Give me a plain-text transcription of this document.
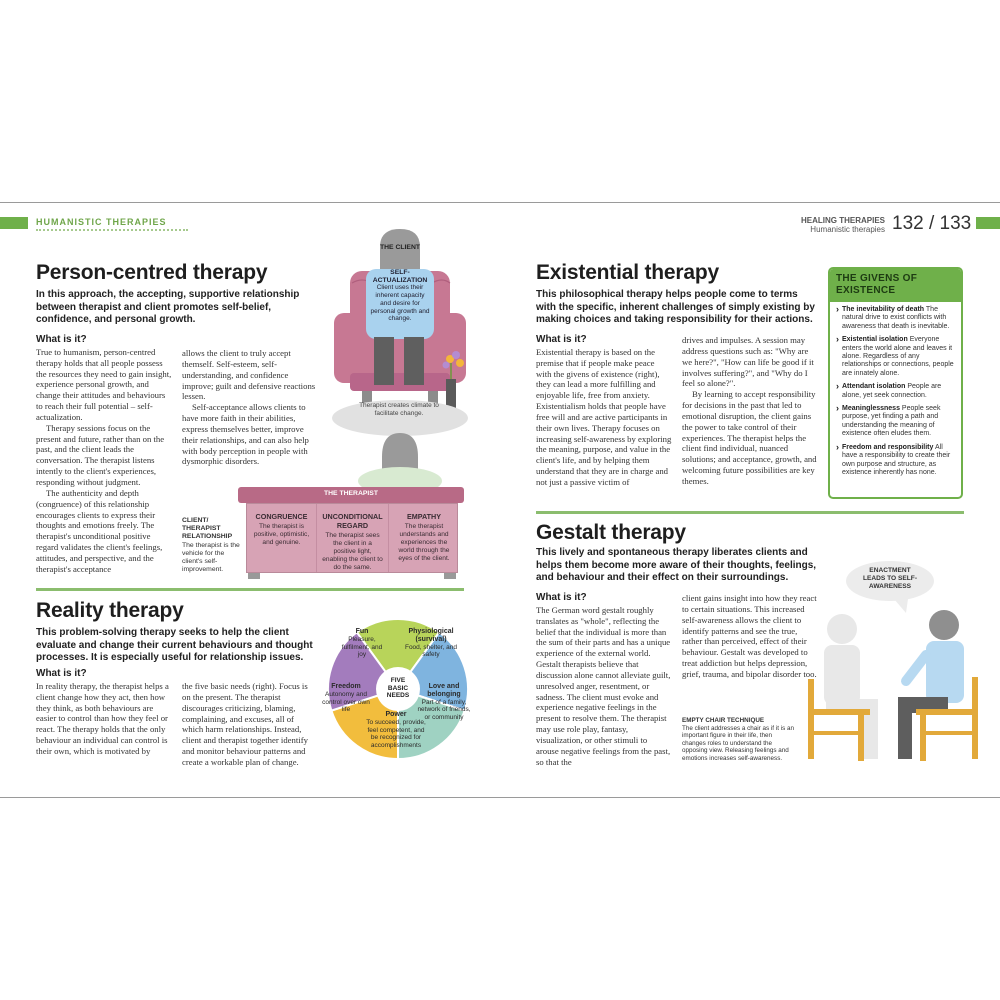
HUMANISTIC THERAPIES	HEALING THERAPIES
Humanistic therapies 132 / 133
Person-centred therapy
In this approach, the accepting, supportive relationship between therapist and client promotes self-belief, confidence, and personal growth.
What is it?

True to humanism, person-centred therapy holds that all people possess the resources they need to gain insight, experience personal growth, and change their attitudes and behaviours to reach their full potential – self-actualization.

Therapy sessions focus on the present and future, rather than on the past, and the client leads the conversation. The therapist listens intently to the client's experiences, responding without judgment.

The authenticity and depth (congruence) of this relationship encourages clients to express their thoughts and emotions freely. The therapist's unconditional positive regard validates the client's feelings, attitudes, and perspective, and the therapist's acceptance

allows the client to truly accept themself. Self-esteem, self-understanding, and confidence improve; guilt and defensive reactions lessen.

Self-acceptance allows clients to have more faith in their abilities, express themselves better, improve their relationships, and can also help with body perception in people with dysmorphic disorders.

THE CLIENT
SELF-ACTUALIZATION
Client uses their inherent capacity and desire for personal growth and change.
Therapist creates climate to facilitate change.
THE THERAPIST
CONGRUENCE
The therapist is positive, optimistic, and genuine.
UNCONDITIONAL REGARD
The therapist sees the client in a positive light, enabling the client to do the same.
EMPATHY
The therapist understands and experiences the world through the eyes of the client.
CLIENT/ THERAPIST RELATIONSHIP
The therapist is the vehicle for the client's self-improvement.
Reality therapy
This problem-solving therapy seeks to help the client evaluate and change their current behaviours and thought processes. It is especially useful for relationship issues.
What is it?

In reality therapy, the therapist helps a client change how they act, then how they think, as both behaviours are easier to control than how they feel or react. The therapy holds that the only behaviour an individual can control is their own, which is motivated by

the five basic needs (right). Focus is on the present. The therapist discourages criticizing, blaming, complaining, and excuses, all of which harm relationships. Instead, client and therapist together identify and monitor behaviour patterns and create a workable plan of change.

FIVE BASIC NEEDS
Fun
Pleasure, fulfilment, and joy
Physiological (survival)
Food, shelter, and safety
Love and belonging
Part of a family, network of friends, or community
Power
To succeed, provide, feel competent, and be recognized for accomplishments
Freedom
Autonomy and control over own life
Existential therapy
This philosophical therapy helps people come to terms with the specific, inherent challenges of simply existing by making choices and taking responsibility for their actions.
What is it?

Existential therapy is based on the premise that if people make peace with the givens of existence (right), they can lead a more fulfilling and enjoyable life, free from anxiety. Existentialism holds that people have free will and are active participants in their own lives. Therapy focuses on increasing self-awareness by exploring the meaning, purpose, and value in the client's life, and by helping them understand that they are in charge and not just a passive victim of

drives and impulses. A session may address questions such as: "Why are we here?", "How can life be good if it involves suffering?", and "Why do I feel so alone?".

By learning to accept responsibility for decisions in the past that led to emotional disruption, the client gains the power to take control of their experiences. The therapist helps the client find individual, nuanced solutions; and acceptance, growth, and welcoming future possibilities are key themes.

THE GIVENS OF EXISTENCE
› The inevitability of death The natural drive to exist conflicts with awareness that death is inevitable.
› Existential isolation Everyone enters the world alone and leaves it alone. Regardless of any relationships or connections, people are innately alone.
› Attendant isolation People are alone, yet seek connection.
› Meaninglessness People seek purpose, yet finding a path and understanding the meaning of existence often eludes them.
› Freedom and responsibility All have a responsibility to create their own purpose and structure, as existence inherently has none.
Gestalt therapy
This lively and spontaneous therapy liberates clients and helps them become more aware of their thoughts, feelings, and behaviour and their effect on their surroundings.
What is it?

The German word gestalt roughly translates as "whole", reflecting the belief that the individual is more than the sum of their parts and has a unique experience of the external world. Gestalt therapists believe that discussion alone cannot alleviate guilt, unresolved anger, resentment, or sadness. The client must evoke and experience negative feelings in the present to resolve them. The therapist may use role play, fantasy, visualization, or other stimuli to arouse negative feelings from the past, so that the

client gains insight into how they react to certain situations. This increased self-awareness allows the client to identify patterns and see the true, rather than perceived, effect of their behaviour. Gestalt was developed to treat addiction but helps depression, grief, trauma, and bipolar disorder too.

EMPTY CHAIR TECHNIQUE
The client addresses a chair as if it is an important figure in their life, then changes roles to understand the opposing view. Releasing feelings and emotions increases self-awareness.
ENACTMENT LEADS TO SELF-AWARENESS
